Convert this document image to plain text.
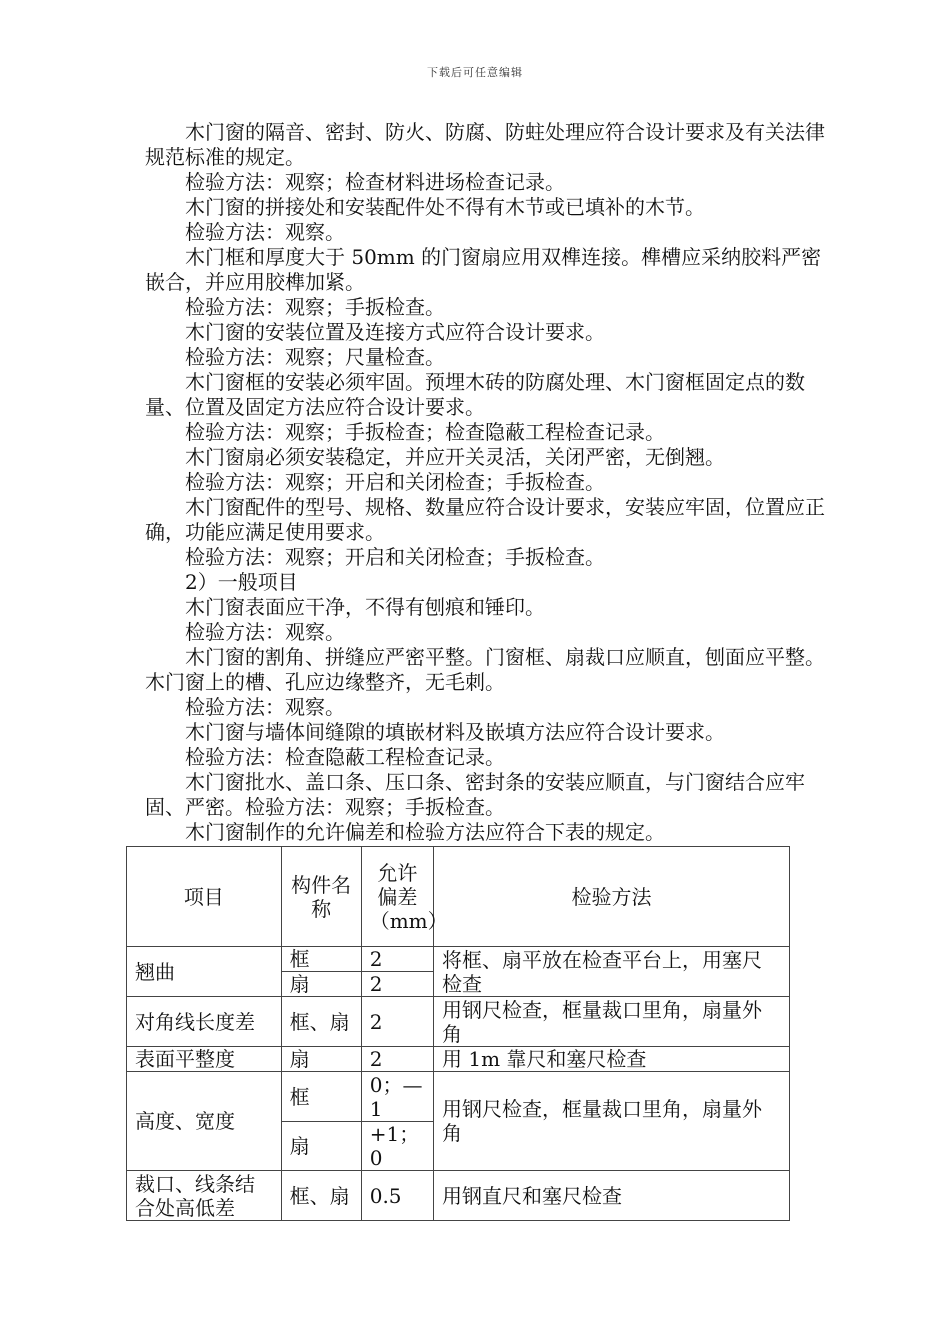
下载后可任意编辑

木门窗的隔音、密封、防火、防腐、防蛀处理应符合设计要求及有关法律规范标准的规定。

检验方法：观察；检查材料进场检查记录。

木门窗的拼接处和安装配件处不得有木节或已填补的木节。

检验方法：观察。

木门框和厚度大于 50mm 的门窗扇应用双榫连接。榫槽应采纳胶料严密嵌合，并应用胶榫加紧。

检验方法：观察；手扳检查。

木门窗的安装位置及连接方式应符合设计要求。

检验方法：观察；尺量检查。

木门窗框的安装必须牢固。预埋木砖的防腐处理、木门窗框固定点的数量、位置及固定方法应符合设计要求。

检验方法：观察；手扳检查；检查隐蔽工程检查记录。

木门窗扇必须安装稳定，并应开关灵活，关闭严密，无倒翘。

检验方法：观察；开启和关闭检查；手扳检查。

木门窗配件的型号、规格、数量应符合设计要求，安装应牢固，位置应正确，功能应满足使用要求。

检验方法：观察；开启和关闭检查；手扳检查。

2）一般项目

木门窗表面应干净，不得有刨痕和锤印。

检验方法：观察。

木门窗的割角、拼缝应严密平整。门窗框、扇裁口应顺直，刨面应平整。木门窗上的槽、孔应边缘整齐，无毛刺。

检验方法：观察。

木门窗与墙体间缝隙的填嵌材料及嵌填方法应符合设计要求。

检验方法：检查隐蔽工程检查记录。

木门窗批水、盖口条、压口条、密封条的安装应顺直，与门窗结合应牢固、严密。检验方法：观察；手扳检查。

木门窗制作的允许偏差和检验方法应符合下表的规定。

项目	构件名称	允许偏差（mm）	检验方法
翘曲	框	2	将框、扇平放在检查平台上，用塞尺检查
	扇	2	
对角线长度差	框、扇	2	用钢尺检查，框量裁口里角，扇量外角
表面平整度	扇	2	用 1m 靠尺和塞尺检查
高度、宽度	框	0；—1	用钢尺检查，框量裁口里角，扇量外角
	扇	+1；0	
裁口、线条结合处高低差	框、扇	0.5	用钢直尺和塞尺检查
